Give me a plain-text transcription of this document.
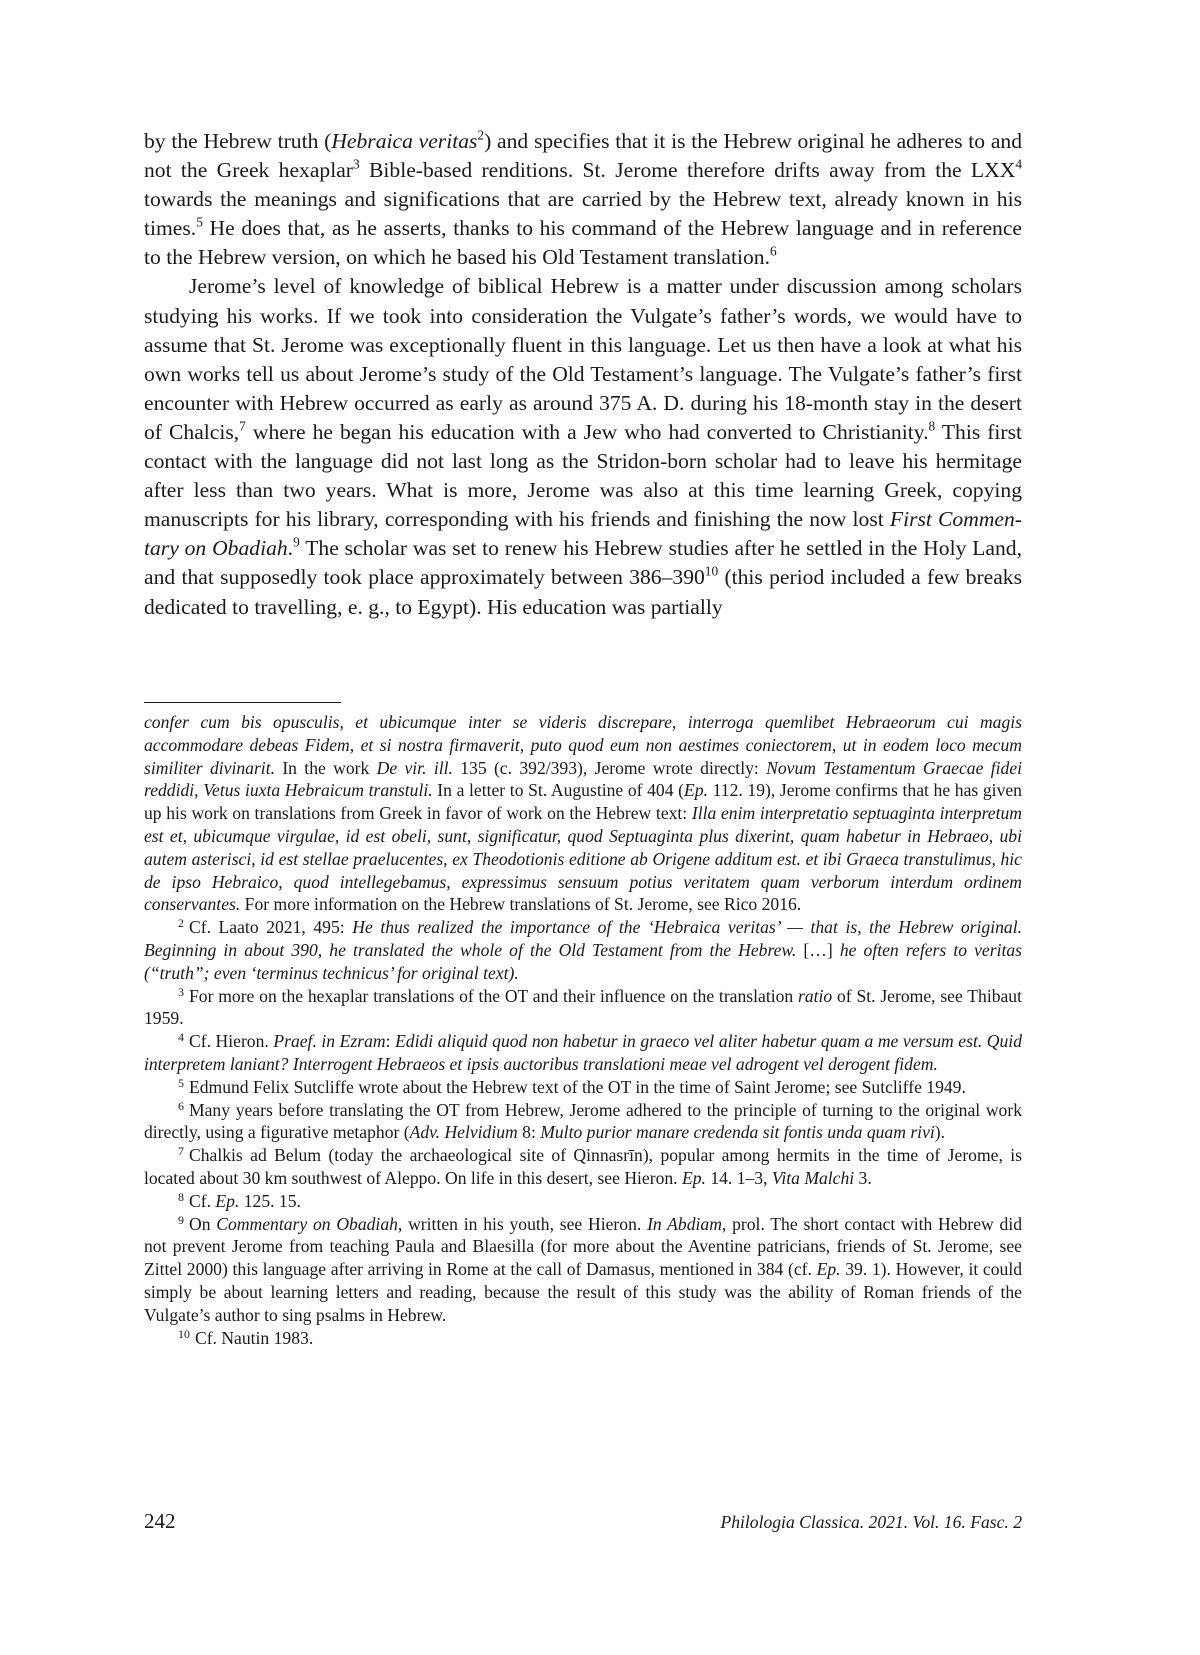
by the Hebrew truth (Hebraica veritas$^2$) and specifies that it is the Hebrew original he adheres to and not the Greek hexaplar$^3$ Bible-based renditions. St. Jerome therefore drifts away from the LXX$^4$ towards the meanings and significations that are carried by the Hebrew text, already known in his times.$^5$ He does that, as he asserts, thanks to his command of the Hebrew language and in reference to the Hebrew version, on which he based his Old Testament translation.$^6$

Jerome’s level of knowledge of biblical Hebrew is a matter under discussion among scholars studying his works. If we took into consideration the Vulgate’s father’s words, we would have to assume that St. Jerome was exceptionally fluent in this language. Let us then have a look at what his own works tell us about Jerome’s study of the Old Testament’s language. The Vulgate’s father’s first encounter with Hebrew occurred as early as around 375 A. D. during his 18-month stay in the desert of Chalcis,$^7$ where he began his education with a Jew who had converted to Christianity.$^8$ This first contact with the language did not last long as the Stridon-born scholar had to leave his hermitage after less than two years. What is more, Jerome was also at this time learning Greek, copying manuscripts for his library, corresponding with his friends and finishing the now lost First Commentary on Obadiah.$^9$ The scholar was set to renew his Hebrew studies after he settled in the Holy Land, and that supposedly took place approximately between $386-390^{10}$ (this period included a few breaks dedicated to travelling, e. g., to Egypt). His education was partially

confer cum bis opusculis, et ubicumque inter se videris discrepare, interroga quemlibet Hebraeorum cui magis accommodare debeas Fidem, et si nostra firmaverit, puto quod eum non aestimes coniectorem, ut in eodem loco mecum similiter divinarit. In the work De vir. ill. 135 (c. 392/393), Jerome wrote directly: Novum Testamentum Graecae fidei reddidi, Vetus iuxta Hebraicum transtuli. In a letter to St. Augustine of 404 (Ep. 112. 19), Jerome confirms that he has given up his work on translations from Greek in favor of work on the Hebrew text: Illa enim interpretatio septuaginta interpretum est et, ubicumque virgulae, id est obeli, sunt, significatur, quod Septuaginta plus dixerint, quam habetur in Hebraeo, ubi autem asterisci, id est stellae praelucentes, ex Theodotionis editione ab Origene additum est. et ibi Graeca transtulimus, hic de ipso Hebraico, quod intellegebamus, expressimus sensuum potius veritatem quam verborum interdum ordinem conservantes. For more information on the Hebrew translations of St. Jerome, see Rico 2016.

$^2$ Cf. Laato 2021, 495: He thus realized the importance of the ‘Hebraica veritas’ — that is, the Hebrew original. Beginning in about 390, he translated the whole of the Old Testament from the Hebrew. […] he often refers to veritas (“truth”; even ‘terminus technicus’ for original text).

$^3$ For more on the hexaplar translations of the OT and their influence on the translation ratio of St. Jerome, see Thibaut 1959.

$^4$ Cf. Hieron. Praef. in Ezram: Edidi aliquid quod non habetur in graeco vel aliter habetur quam a me versum est. Quid interpretem laniant? Interrogent Hebraeos et ipsis auctoribus translationi meae vel adrogent vel derogent fidem.

$^5$ Edmund Felix Sutcliffe wrote about the Hebrew text of the OT in the time of Saint Jerome; see Sutcliffe 1949.

$^6$ Many years before translating the OT from Hebrew, Jerome adhered to the principle of turning to the original work directly, using a figurative metaphor (Adv. Helvidium 8: Multo purior manare credenda sit fontis unda quam rivi).

$^7$ Chalkis ad Belum (today the archaeological site of Qinnasrīn), popular among hermits in the time of Jerome, is located about 30 km southwest of Aleppo. On life in this desert, see Hieron. Ep. 14. 1–3, Vita Malchi 3.

$^8$ Cf. Ep. 125. 15.

$^9$ On Commentary on Obadiah, written in his youth, see Hieron. In Abdiam, prol. The short contact with Hebrew did not prevent Jerome from teaching Paula and Blaesilla (for more about the Aventine patricians, friends of St. Jerome, see Zittel 2000) this language after arriving in Rome at the call of Damasus, mentioned in 384 (cf. Ep. 39. 1). However, it could simply be about learning letters and reading, because the result of this study was the ability of Roman friends of the Vulgate’s author to sing psalms in Hebrew.

$^{10}$ Cf. Nautin 1983.

242	Philologia Classica. 2021. Vol. 16. Fasc. 2
